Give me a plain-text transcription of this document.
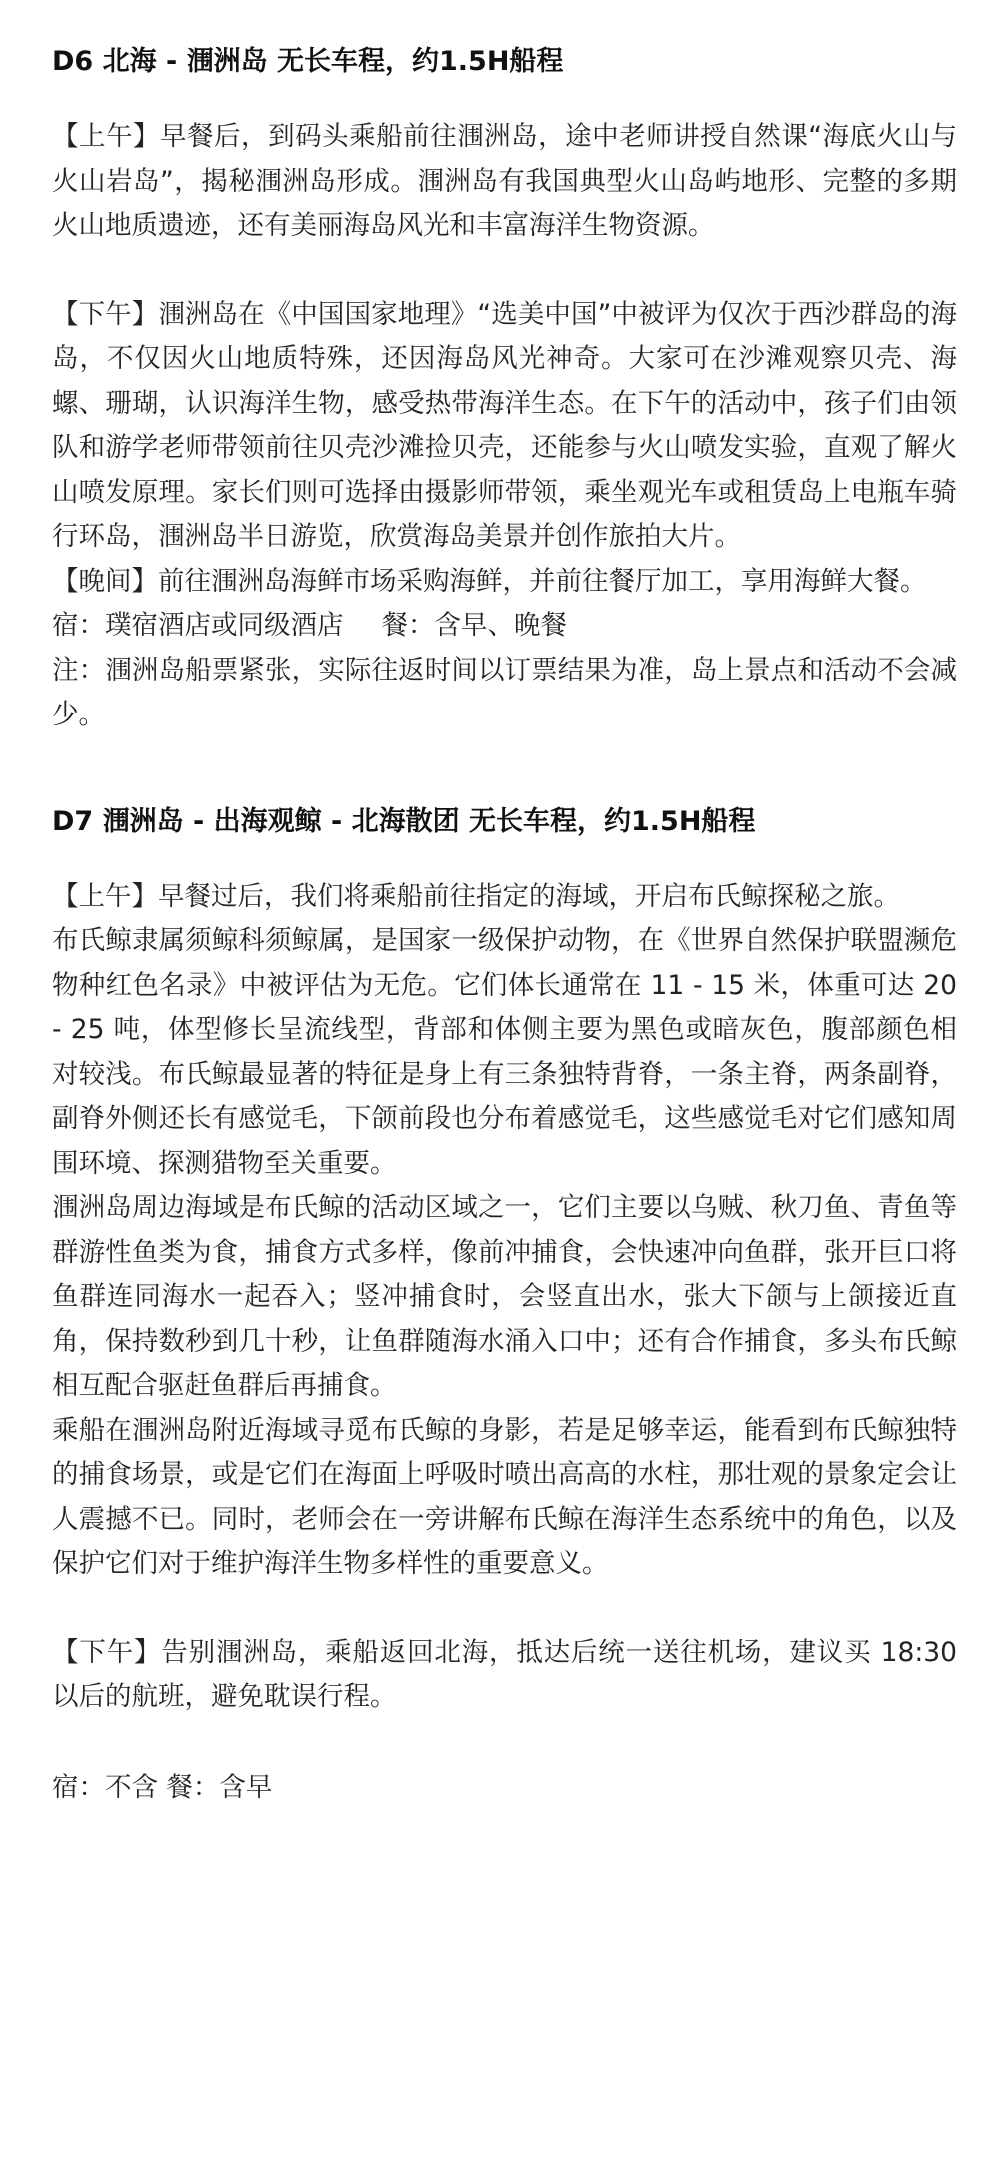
D6 北海 - 涠洲岛 无长车程，约1.5H船程

【上午】早餐后，到码头乘船前往涠洲岛，途中老师讲授自然课“海底火山与火山岩岛”，揭秘涠洲岛形成。涠洲岛有我国典型火山岛屿地形、完整的多期火山地质遗迹，还有美丽海岛风光和丰富海洋生物资源。

【下午】涠洲岛在《中国国家地理》“选美中国”中被评为仅次于西沙群岛的海岛，不仅因火山地质特殊，还因海岛风光神奇。大家可在沙滩观察贝壳、海螺、珊瑚，认识海洋生物，感受热带海洋生态。在下午的活动中，孩子们由领队和游学老师带领前往贝壳沙滩捡贝壳，还能参与火山喷发实验，直观了解火山喷发原理。家长们则可选择由摄影师带领，乘坐观光车或租赁岛上电瓶车骑行环岛，涠洲岛半日游览，欣赏海岛美景并创作旅拍大片。

【晚间】前往涠洲岛海鲜市场采购海鲜，并前往餐厅加工，享用海鲜大餐。

宿：璞宿酒店或同级酒店 餐：含早、晚餐

注：涠洲岛船票紧张，实际往返时间以订票结果为准，岛上景点和活动不会减少。

D7 涠洲岛 - 出海观鲸 - 北海散团 无长车程，约1.5H船程

【上午】早餐过后，我们将乘船前往指定的海域，开启布氏鲸探秘之旅。

布氏鲸隶属须鲸科须鲸属，是国家一级保护动物，在《世界自然保护联盟濒危物种红色名录》中被评估为无危。它们体长通常在 11 - 15 米，体重可达 20 - 25 吨，体型修长呈流线型，背部和体侧主要为黑色或暗灰色，腹部颜色相对较浅。布氏鲸最显著的特征是身上有三条独特背脊，一条主脊，两条副脊，副脊外侧还长有感觉毛，下颌前段也分布着感觉毛，这些感觉毛对它们感知周围环境、探测猎物至关重要。

涠洲岛周边海域是布氏鲸的活动区域之一，它们主要以乌贼、秋刀鱼、青鱼等群游性鱼类为食，捕食方式多样，像前冲捕食，会快速冲向鱼群，张开巨口将鱼群连同海水一起吞入；竖冲捕食时，会竖直出水，张大下颌与上颌接近直角，保持数秒到几十秒，让鱼群随海水涌入口中；还有合作捕食，多头布氏鲸相互配合驱赶鱼群后再捕食。

乘船在涠洲岛附近海域寻觅布氏鲸的身影，若是足够幸运，能看到布氏鲸独特的捕食场景，或是它们在海面上呼吸时喷出高高的水柱，那壮观的景象定会让人震撼不已。同时，老师会在一旁讲解布氏鲸在海洋生态系统中的角色，以及保护它们对于维护海洋生物多样性的重要意义。

【下午】告别涠洲岛，乘船返回北海，抵达后统一送往机场，建议买 18:30 以后的航班，避免耽误行程。

宿：不含 餐：含早
